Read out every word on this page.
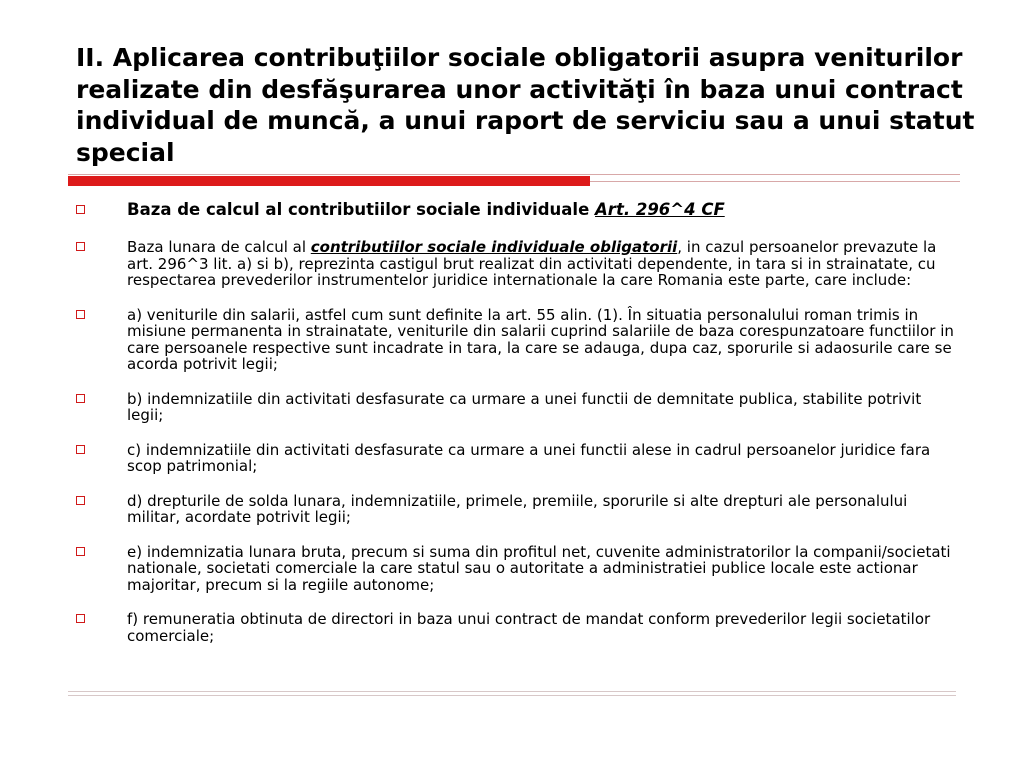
II. Aplicarea contribuţiilor sociale obligatorii asupra veniturilor realizate din desfăşurarea unor activităţi în baza unui contract individual de muncă, a unui raport de serviciu sau a unui statut special
Baza de calcul al contributiilor sociale individuale Art. 296^4 CF
Baza lunara de calcul al contributiilor sociale individuale obligatorii, in cazul persoanelor prevazute la art. 296^3 lit. a) si b), reprezinta castigul brut realizat din activitati dependente, in tara si in strainatate, cu respectarea prevederilor instrumentelor juridice internationale la care Romania este parte, care include:
a) veniturile din salarii, astfel cum sunt definite la art. 55 alin. (1). În situatia personalului roman trimis in misiune permanenta in strainatate, veniturile din salarii cuprind salariile de baza corespunzatoare functiilor in care persoanele respective sunt incadrate in tara, la care se adauga, dupa caz, sporurile si adaosurile care se acorda potrivit legii;
b) indemnizatiile din activitati desfasurate ca urmare a unei functii de demnitate publica, stabilite potrivit legii;
c) indemnizatiile din activitati desfasurate ca urmare a unei functii alese in cadrul persoanelor juridice fara scop patrimonial;
d) drepturile de solda lunara, indemnizatiile, primele, premiile, sporurile si alte drepturi ale personalului militar, acordate potrivit legii;
e) indemnizatia lunara bruta, precum si suma din profitul net, cuvenite administratorilor la companii/societati nationale, societati comerciale la care statul sau o autoritate a administratiei publice locale este actionar majoritar, precum si la regiile autonome;
f) remuneratia obtinuta de directori in baza unui contract de mandat conform prevederilor legii societatilor comerciale;
